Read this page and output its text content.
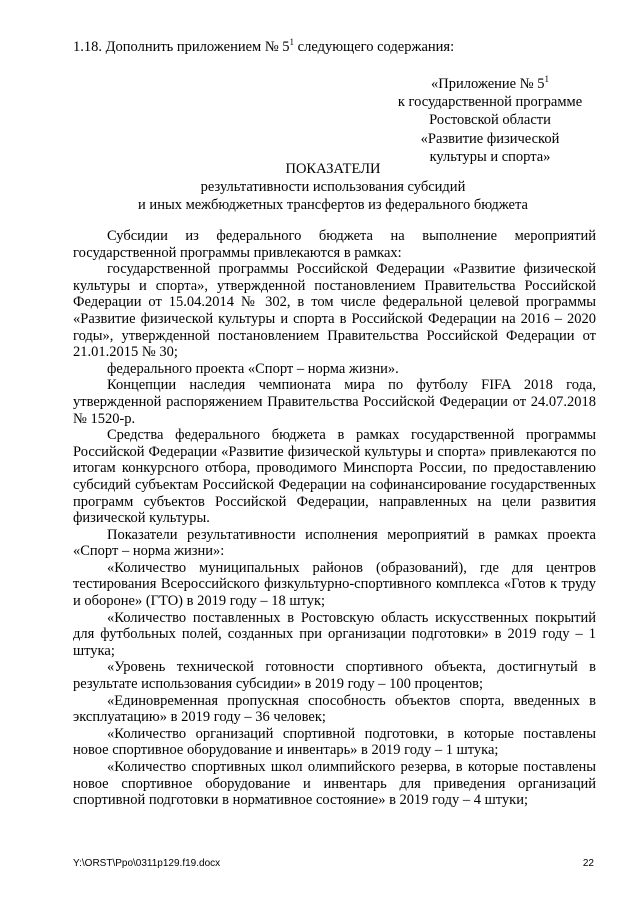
1.18. Дополнить приложением № $5^1$ следующего содержания:
«Приложение № $5^1$
к государственной программе
Ростовской области
«Развитие физической
культуры и спорта»
ПОКАЗАТЕЛИ
результативности использования субсидий
и иных межбюджетных трансфертов из федерального бюджета

Субсидии из федерального бюджета на выполнение мероприятий государственной программы привлекаются в рамках:

государственной программы Российской Федерации «Развитие физической культуры и спорта», утвержденной постановлением Правительства Российской Федерации от 15.04.2014 № 302, в том числе федеральной целевой программы «Развитие физической культуры и спорта в Российской Федерации на 2016 – 2020 годы», утвержденной постановлением Правительства Российской Федерации от 21.01.2015 № 30;

федерального проекта «Спорт – норма жизни».

Концепции наследия чемпионата мира по футболу FIFA 2018 года, утвержденной распоряжением Правительства Российской Федерации от 24.07.2018 № 1520-р.

Средства федерального бюджета в рамках государственной программы Российской Федерации «Развитие физической культуры и спорта» привлекаются по итогам конкурсного отбора, проводимого Минспорта России, по предоставлению субсидий субъектам Российской Федерации на софинансирование государственных программ субъектов Российской Федерации, направленных на цели развития физической культуры.

Показатели результативности исполнения мероприятий в рамках проекта «Спорт – норма жизни»:

«Количество муниципальных районов (образований), где для центров тестирования Всероссийского физкультурно-спортивного комплекса «Готов к труду и обороне» (ГТО) в 2019 году – 18 штук;

«Количество поставленных в Ростовскую область искусственных покрытий для футбольных полей, созданных при организации подготовки» в 2019 году – 1 штука;

«Уровень технической готовности спортивного объекта, достигнутый в результате использования субсидии» в 2019 году – 100 процентов;

«Единовременная пропускная способность объектов спорта, введенных в эксплуатацию» в 2019 году – 36 человек;

«Количество организаций спортивной подготовки, в которые поставлены новое спортивное оборудование и инвентарь» в 2019 году – 1 штука;

«Количество спортивных школ олимпийского резерва, в которые поставлены новое спортивное оборудование и инвентарь для приведения организаций спортивной подготовки в нормативное состояние» в 2019 году – 4 штуки;

Y:\ORST\Ppo\0311p129.f19.docx	22
